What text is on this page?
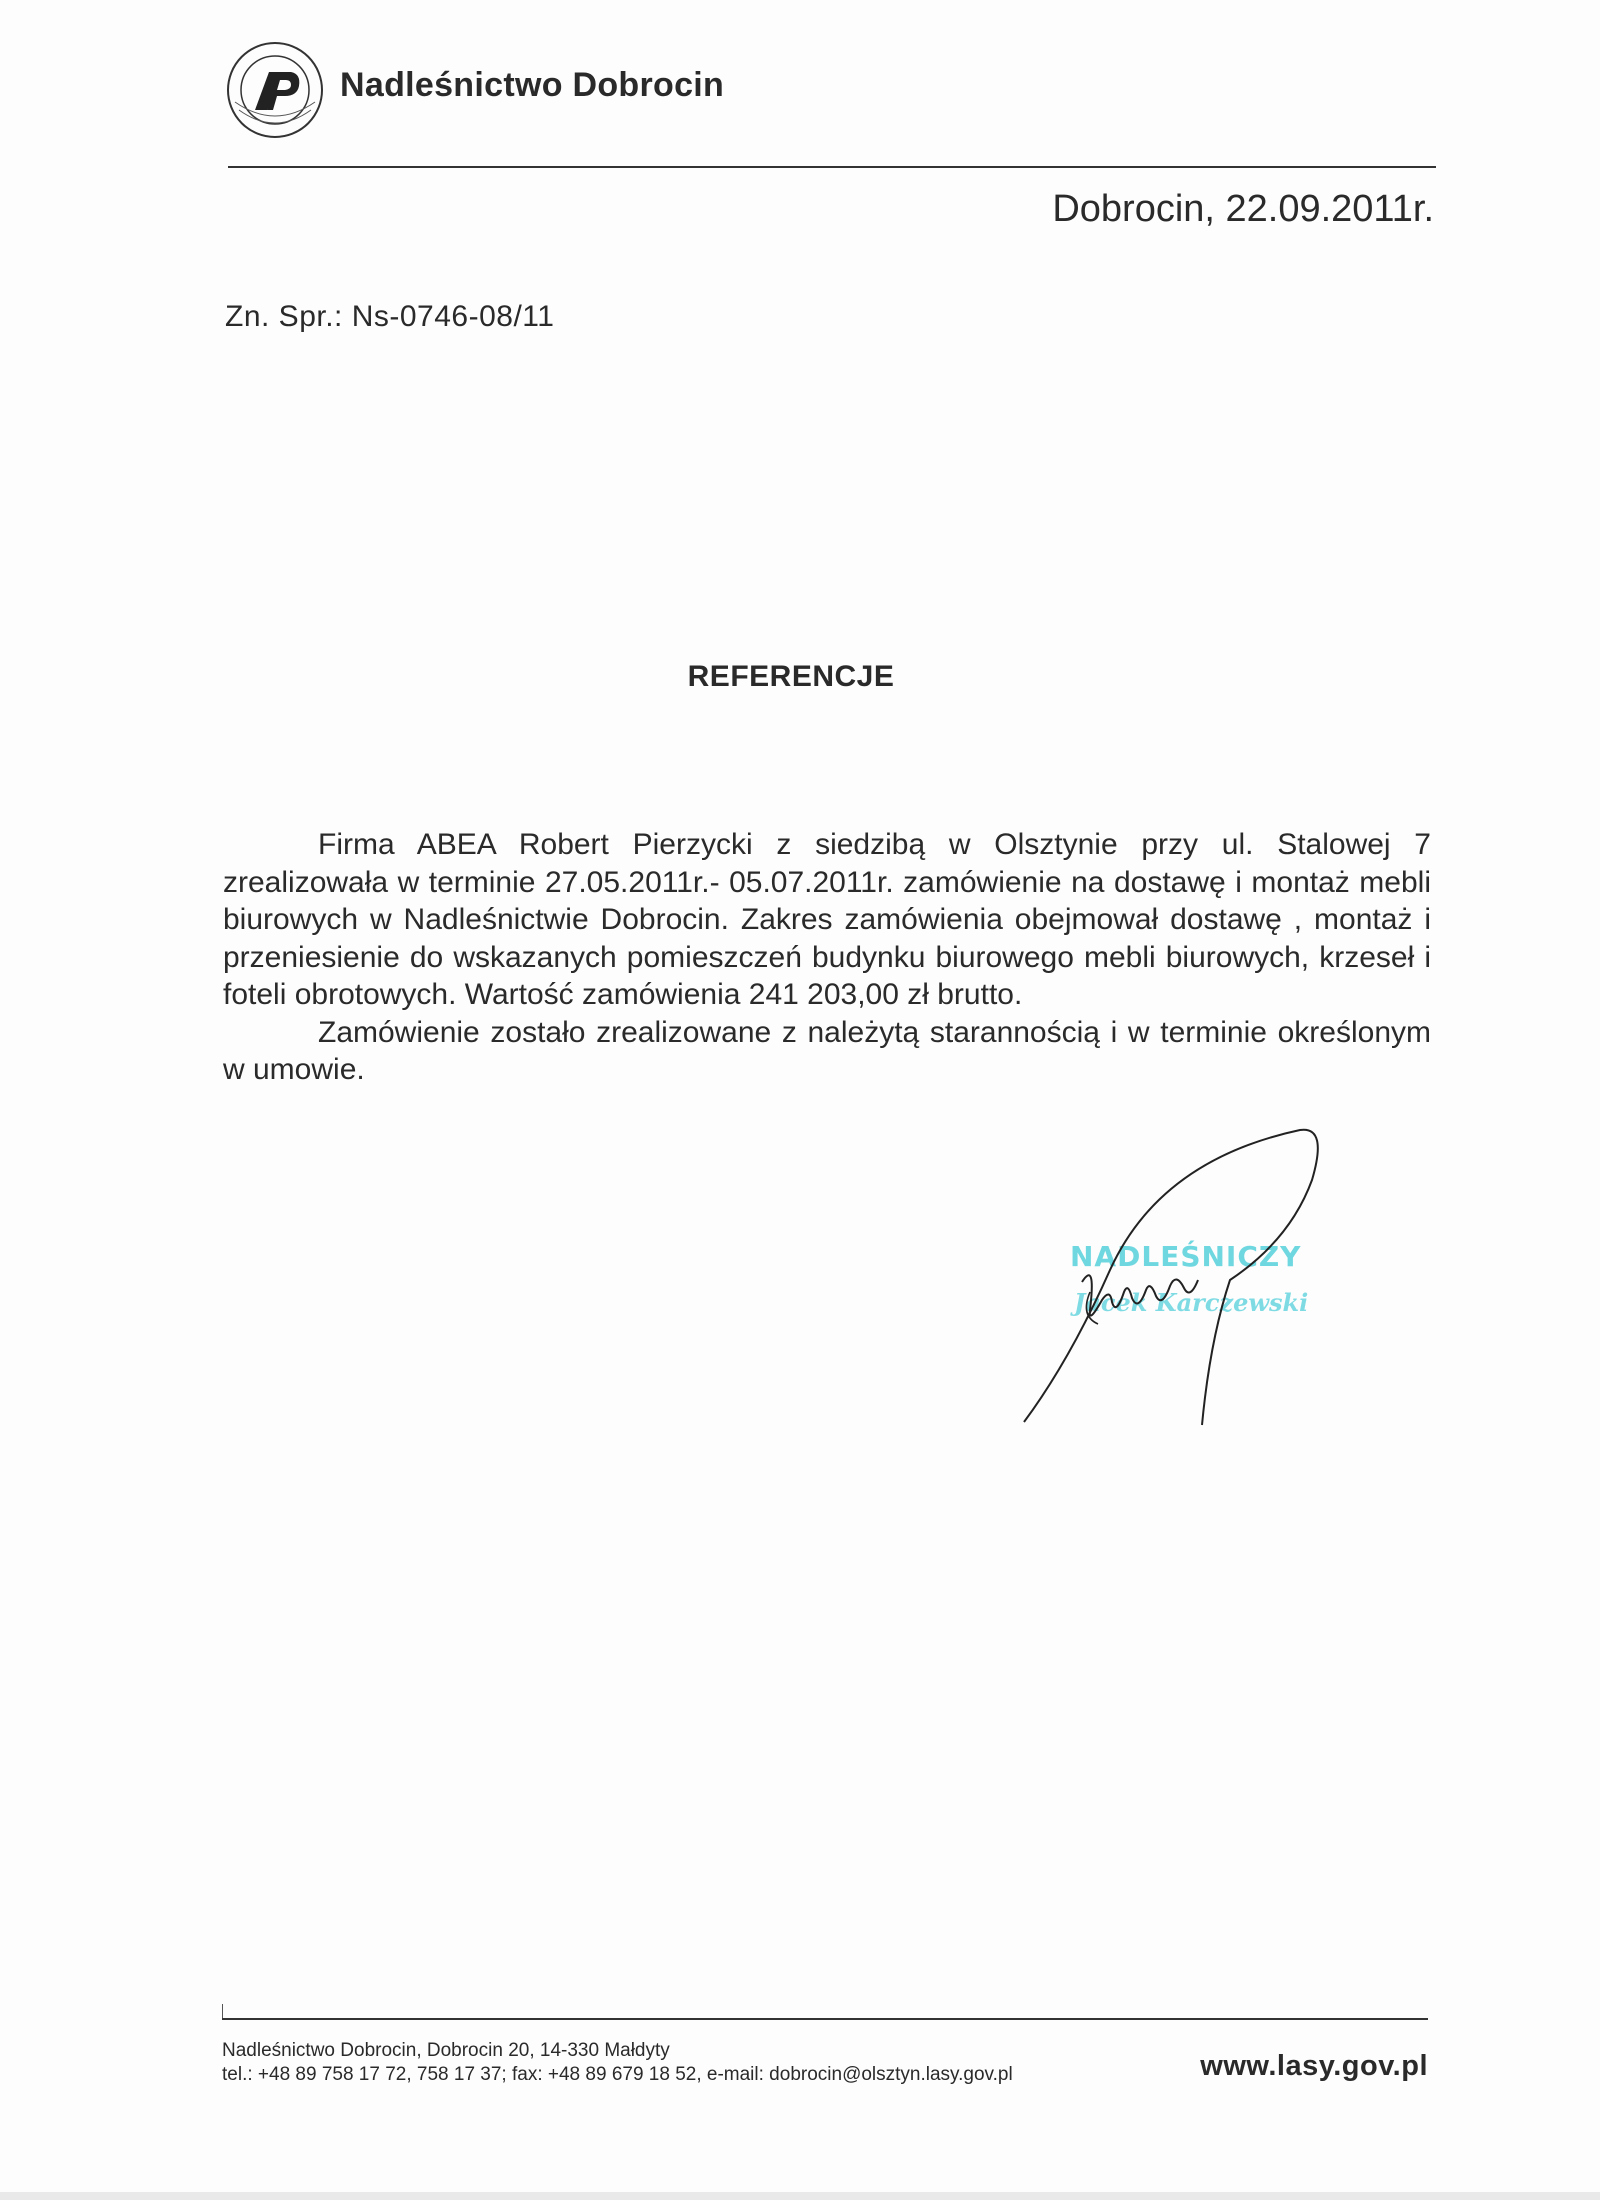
Nadleśnictwo Dobrocin
Dobrocin, 22.09.2011r.
Zn. Spr.: Ns-0746-08/11
REFERENCJE

Firma ABEA Robert Pierzycki z siedzibą w Olsztynie przy ul. Stalowej 7 zrealizowała w terminie 27.05.2011r.- 05.07.2011r. zamówienie na dostawę i montaż mebli biurowych w Nadleśnictwie Dobrocin. Zakres zamówienia obejmował dostawę , montaż i przeniesienie do wskazanych pomieszczeń budynku biurowego mebli biurowych, krzeseł i foteli obrotowych. Wartość zamówienia 241 203,00 zł brutto.

Zamówienie zostało zrealizowane z należytą starannością i w terminie określonym w umowie.

NADLEŚNICZY
Jacek Karczewski
Nadleśnictwo Dobrocin, Dobrocin 20, 14-330 Małdyty
tel.: +48 89 758 17 72, 758 17 37; fax: +48 89 679 18 52, e-mail: dobrocin@olsztyn.lasy.gov.pl	www.lasy.gov.pl
